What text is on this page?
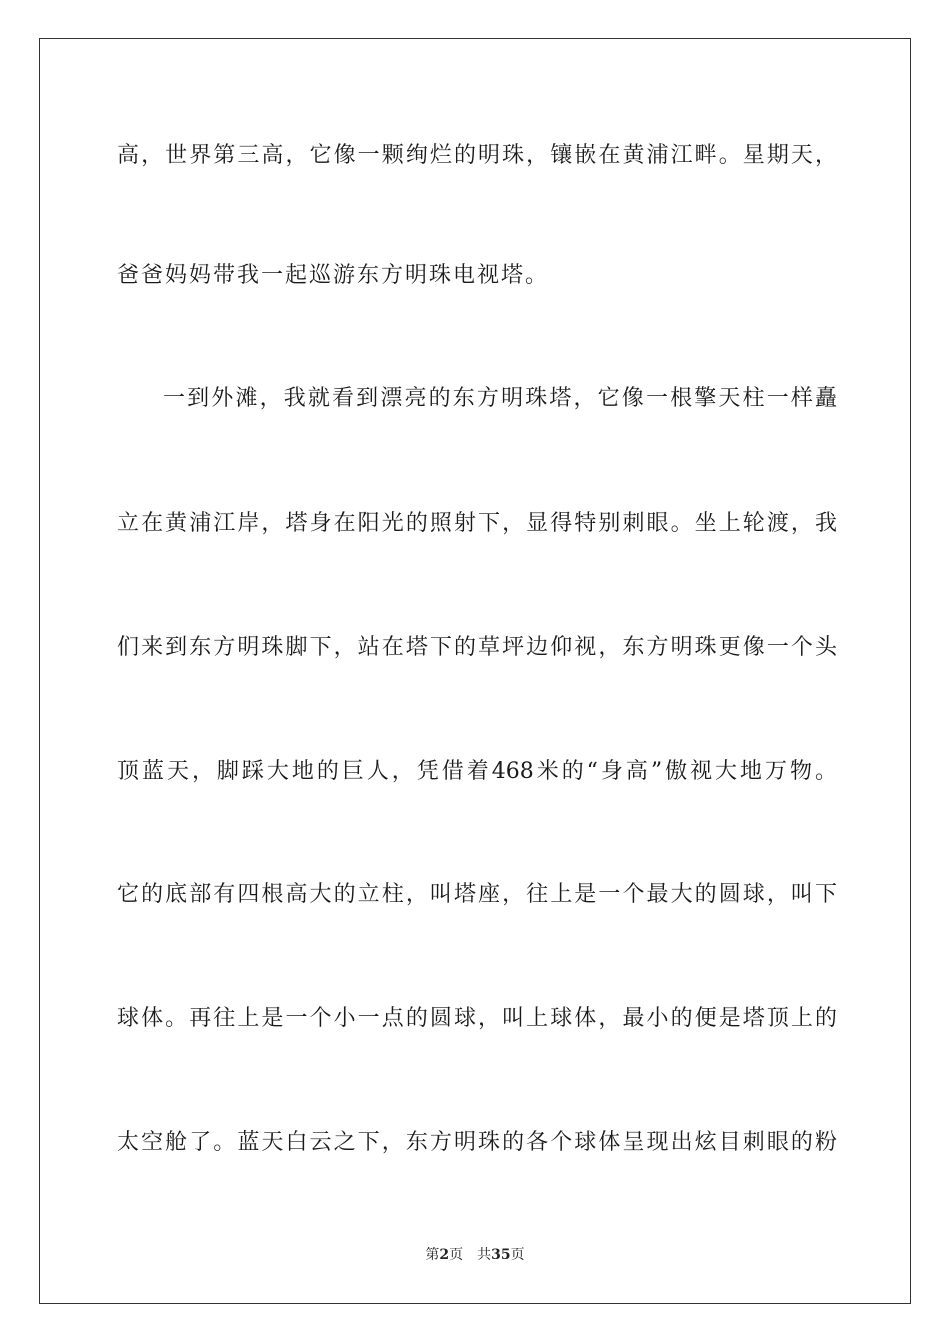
高，世界第三高，它像一颗绚烂的明珠，镶嵌在黄浦江畔。星期天，
爸爸妈妈带我一起巡游东方明珠电视塔。
一到外滩，我就看到漂亮的东方明珠塔，它像一根擎天柱一样矗
立在黄浦江岸，塔身在阳光的照射下，显得特别刺眼。坐上轮渡，我
们来到东方明珠脚下，站在塔下的草坪边仰视，东方明珠更像一个头
顶蓝天，脚踩大地的巨人，凭借着468米的“身高”傲视大地万物。
它的底部有四根高大的立柱，叫塔座，往上是一个最大的圆球，叫下
球体。再往上是一个小一点的圆球，叫上球体，最小的便是塔顶上的
太空舱了。蓝天白云之下，东方明珠的各个球体呈现出炫目刺眼的粉
第2页 共35页
